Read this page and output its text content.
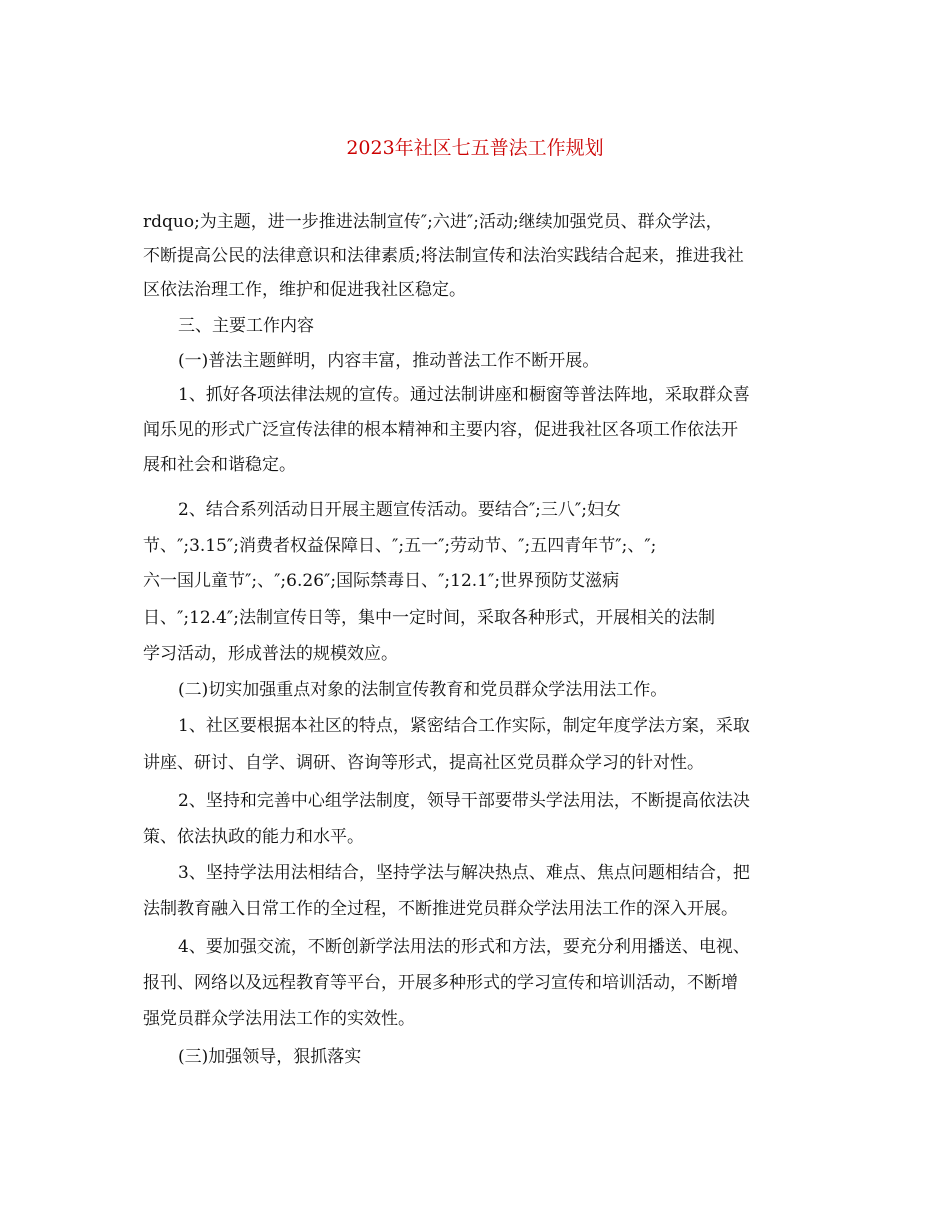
2023年社区七五普法工作规划
rdquo;为主题，进一步推进法制宣传″;六进″;活动;继续加强党员、群众学法，
不断提高公民的法律意识和法律素质;将法制宣传和法治实践结合起来，推进我社
区依法治理工作，维护和促进我社区稳定。
三、主要工作内容
(一)普法主题鲜明，内容丰富，推动普法工作不断开展。
1、抓好各项法律法规的宣传。通过法制讲座和橱窗等普法阵地，采取群众喜
闻乐见的形式广泛宣传法律的根本精神和主要内容，促进我社区各项工作依法开
展和社会和谐稳定。
2、结合系列活动日开展主题宣传活动。要结合″;三八″;妇女
节、″;3.15″;消费者权益保障日、″;五一″;劳动节、″;五四青年节″;、″;
六一国儿童节″;、″;6.26″;国际禁毒日、″;12.1″;世界预防艾滋病
日、″;12.4″;法制宣传日等，集中一定时间，采取各种形式，开展相关的法制
学习活动，形成普法的规模效应。
(二)切实加强重点对象的法制宣传教育和党员群众学法用法工作。
1、社区要根据本社区的特点，紧密结合工作实际，制定年度学法方案，采取
讲座、研讨、自学、调研、咨询等形式，提高社区党员群众学习的针对性。
2、坚持和完善中心组学法制度，领导干部要带头学法用法，不断提高依法决
策、依法执政的能力和水平。
3、坚持学法用法相结合，坚持学法与解决热点、难点、焦点问题相结合，把
法制教育融入日常工作的全过程，不断推进党员群众学法用法工作的深入开展。
4、要加强交流，不断创新学法用法的形式和方法，要充分利用播送、电视、
报刊、网络以及远程教育等平台，开展多种形式的学习宣传和培训活动，不断增
强党员群众学法用法工作的实效性。
(三)加强领导，狠抓落实
